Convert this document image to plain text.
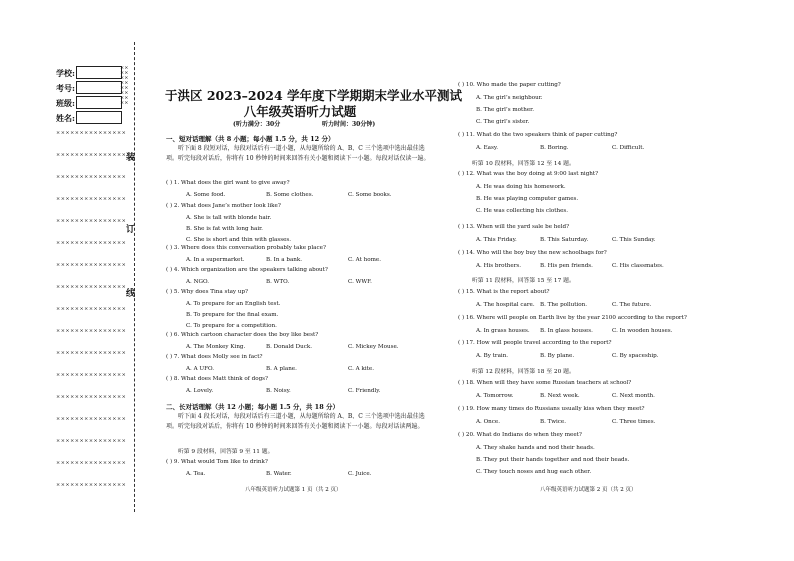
学校:
考号:
班级:
姓名:
××
××
××
××
××
××
××
××
×××××××××××××××
×××××××××××××××
×××××××××××××××
×××××××××××××××
×××××××××××××××
×××××××××××××××
×××××××××××××××
×××××××××××××××
×××××××××××××××
×××××××××××××××
×××××××××××××××
×××××××××××××××
×××××××××××××××
×××××××××××××××
×××××××××××××××
×××××××××××××××
×××××××××××××××
装
订
线
于洪区 2023–2024 学年度下学期期末学业水平测试
八年级英语听力试题
(听力满分：30分	听力时间：30分钟)
一、短对话理解（共 8 小题；每小题 1.5 分，共 12 分）
听下面 8 段短对话，每段对话后有一道小题，从每题所给的 A、B、C 三个选项中选出最佳选项。听完每段对话后，你将有 10 秒钟的时间来回答有关小题和阅读下一小题。每段对话仅读一遍。
( ) 1. What does the girl want to give away?
A. Some food.	B. Some clothes.	C. Some books.
( ) 2. What does Jane’s mother look like?
A. She is tall with blonde hair.
B. She is fat with long hair.
C. She is short and thin with glasses.
( ) 3. Where does this conversation probably take place?
A. In a supermarket.	B. In a bank.	C. At home.
( ) 4. Which organization are the speakers talking about?
A. NGO.	B. WTO.	C. WWF.
( ) 5. Why does Tina stay up?
A. To prepare for an English test.
B. To prepare for the final exam.
C. To prepare for a competition.
( ) 6. Which cartoon character does the boy like best?
A. The Monkey King.	B. Donald Duck.	C. Mickey Mouse.
( ) 7. What does Molly see in fact?
A. A UFO.	B. A plane.	C. A kite.
( ) 8. What does Matt think of dogs?
A. Lovely.	B. Noisy.	C. Friendly.
二、长对话理解（共 12 小题；每小题 1.5 分，共 18 分）
听下面 4 段长对话，每段对话后有三道小题，从每题所给的 A、B、C 三个选项中选出最佳选项。听完每段对话后，你将有 10 秒钟的时间来回答有关小题和阅读下一小题。每段对话读两遍。
听第 9 段材料，回答第 9 至 11 题。
( ) 9. What would Tom like to drink?
A. Tea.	B. Water.	C. Juice.
( ) 10. Who made the paper cutting?
A. The girl’s neighbour.
B. The girl’s mother.
C. The girl’s sister.
( ) 11. What do the two speakers think of paper cutting?
A. Easy.	B. Boring.	C. Difficult.
听第 10 段材料，回答第 12 至 14 题。
( ) 12. What was the boy doing at 9:00 last night?
A. He was doing his homework.
B. He was playing computer games.
C. He was collecting his clothes.
( ) 13. When will the yard sale be held?
A. This Friday.	B. This Saturday.	C. This Sunday.
( ) 14. Who will the boy buy the new schoolbags for?
A. His brothers.	B. His pen friends.	C. His classmates.
听第 11 段材料，回答第 15 至 17 题。
( ) 15. What is the report about?
A. The hospital care. B. The pollution.	C. The future.
( ) 16. Where will people on Earth live by the year 2100 according to the report?
A. In grass houses. B. In glass houses.	C. In wooden houses.
( ) 17. How will people travel according to the report?
A. By train.	B. By plane.	C. By spaceship.
听第 12 段材料，回答第 18 至 20 题。
( ) 18. When will they have some Russian teachers at school?
A. Tomorrow.	B. Next week.	C. Next month.
( ) 19. How many times do Russians usually kiss when they meet?
A. Once.	B. Twice.	C. Three times.
( ) 20. What do Indians do when they meet?
A. They shake hands and nod their heads.
B. They put their hands together and nod their heads.
C. They touch noses and hug each other.
八年级英语听力试题第 1 页（共 2 页）	八年级英语听力试题第 2 页（共 2 页）
